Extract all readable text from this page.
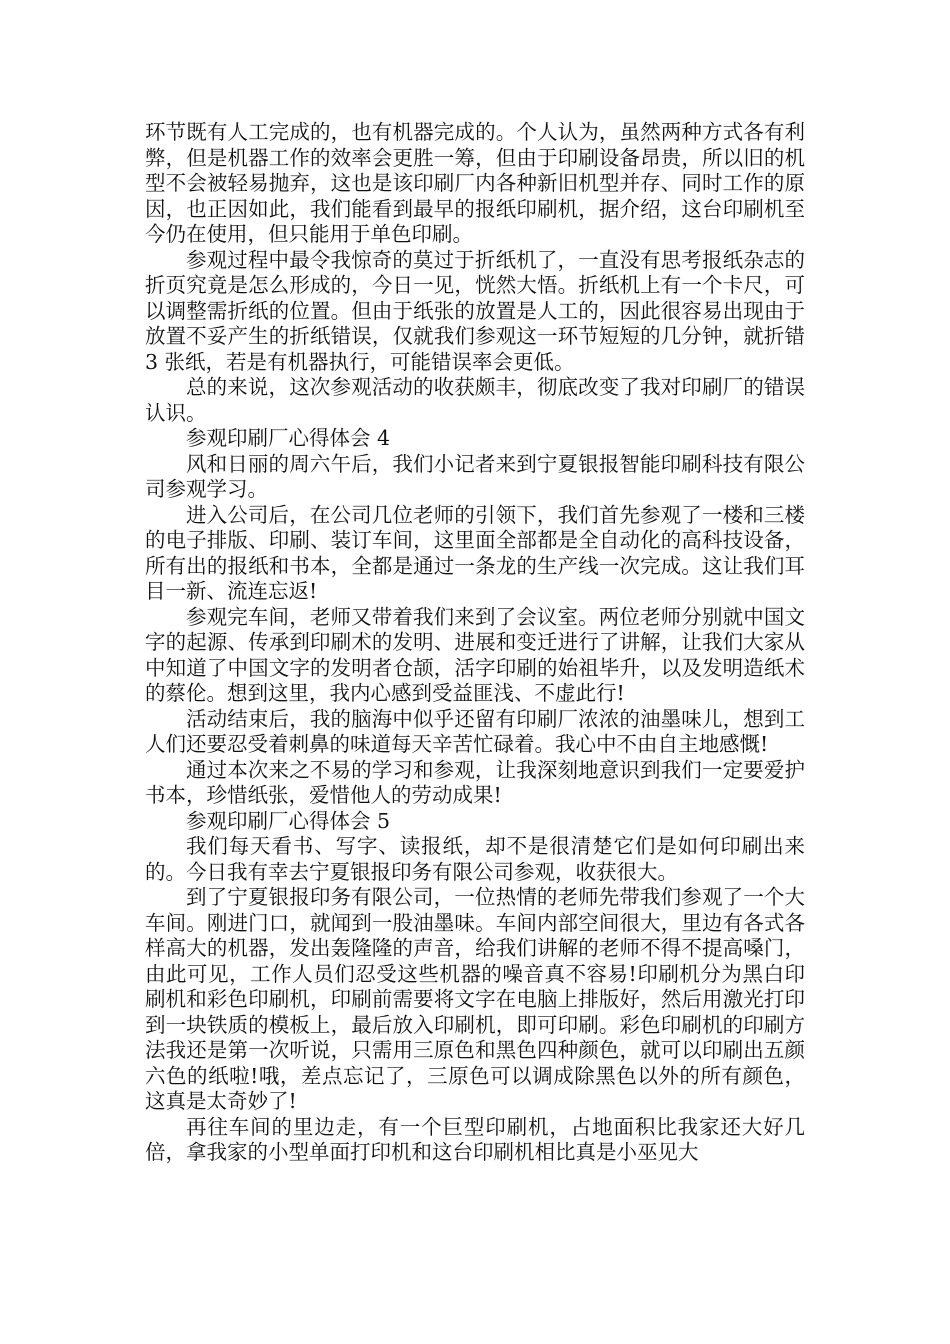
环节既有人工完成的，也有机器完成的。个人认为，虽然两种方式各有利弊，但是机器工作的效率会更胜一筹，但由于印刷设备昂贵，所以旧的机型不会被轻易抛弃，这也是该印刷厂内各种新旧机型并存、同时工作的原因，也正因如此，我们能看到最早的报纸印刷机，据介绍，这台印刷机至今仍在使用，但只能用于单色印刷。

参观过程中最令我惊奇的莫过于折纸机了，一直没有思考报纸杂志的折页究竟是怎么形成的，今日一见，恍然大悟。折纸机上有一个卡尺，可以调整需折纸的位置。但由于纸张的放置是人工的，因此很容易出现由于放置不妥产生的折纸错误，仅就我们参观这一环节短短的几分钟，就折错 3 张纸，若是有机器执行，可能错误率会更低。

总的来说，这次参观活动的收获颇丰，彻底改变了我对印刷厂的错误认识。

参观印刷厂心得体会 4

风和日丽的周六午后，我们小记者来到宁夏银报智能印刷科技有限公司参观学习。

进入公司后，在公司几位老师的引领下，我们首先参观了一楼和三楼的电子排版、印刷、装订车间，这里面全部都是全自动化的高科技设备，所有出的报纸和书本，全都是通过一条龙的生产线一次完成。这让我们耳目一新、流连忘返!

参观完车间，老师又带着我们来到了会议室。两位老师分别就中国文字的起源、传承到印刷术的发明、进展和变迁进行了讲解，让我们大家从中知道了中国文字的发明者仓颉，活字印刷的始祖毕升，以及发明造纸术的蔡伦。想到这里，我内心感到受益匪浅、不虚此行!

活动结束后，我的脑海中似乎还留有印刷厂浓浓的油墨味儿，想到工人们还要忍受着刺鼻的味道每天辛苦忙碌着。我心中不由自主地感慨!

通过本次来之不易的学习和参观，让我深刻地意识到我们一定要爱护书本，珍惜纸张，爱惜他人的劳动成果!

参观印刷厂心得体会 5

我们每天看书、写字、读报纸，却不是很清楚它们是如何印刷出来的。今日我有幸去宁夏银报印务有限公司参观，收获很大。

到了宁夏银报印务有限公司，一位热情的老师先带我们参观了一个大车间。刚进门口，就闻到一股油墨味。车间内部空间很大，里边有各式各样高大的机器，发出轰隆隆的声音，给我们讲解的老师不得不提高嗓门，由此可见，工作人员们忍受这些机器的噪音真不容易!印刷机分为黑白印刷机和彩色印刷机，印刷前需要将文字在电脑上排版好，然后用激光打印到一块铁质的模板上，最后放入印刷机，即可印刷。彩色印刷机的印刷方法我还是第一次听说，只需用三原色和黑色四种颜色，就可以印刷出五颜六色的纸啦!哦，差点忘记了，三原色可以调成除黑色以外的所有颜色，这真是太奇妙了!

再往车间的里边走，有一个巨型印刷机，占地面积比我家还大好几倍，拿我家的小型单面打印机和这台印刷机相比真是小巫见大
